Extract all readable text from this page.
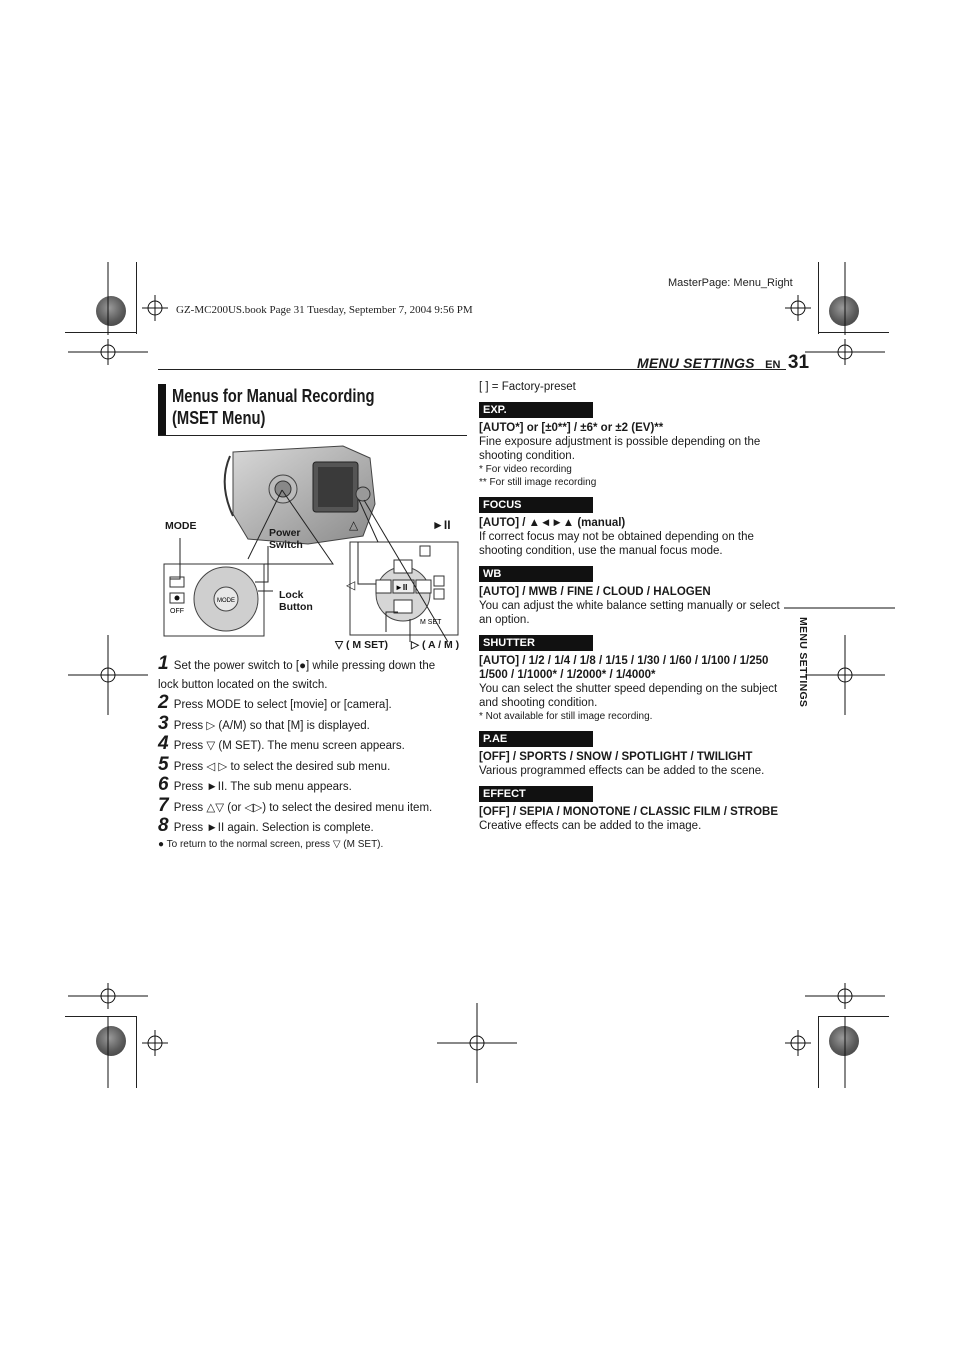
GZ-MC200US.book Page 31 Tuesday, September 7, 2004 9:56 PM
MasterPage: Menu_Right
MENU SETTINGS EN 31
Menus for Manual Recording
(MSET Menu)
OFF
MODE
►II
M SET
MODE
Power
Switch
Lock
Button
△	►II
◁
▽ ( M SET) ▷ ( A / M )
1 Set the power switch to [●] while pressing down the lock button located on the switch.
2 Press MODE to select [movie] or [camera].
3 Press ▷ (A/M) so that [M] is displayed.
4 Press ▽ (M SET). The menu screen appears.
5 Press ◁ ▷ to select the desired sub menu.
6 Press ►II. The sub menu appears.
7 Press △▽ (or ◁▷) to select the desired menu item.
8 Press ►II again. Selection is complete.
● To return to the normal screen, press ▽ (M SET).
[ ] = Factory-preset
EXP.
[AUTO*] or [±0**] / ±6* or ±2 (EV)**
Fine exposure adjustment is possible depending on the shooting condition.
* For video recording
** For still image recording
FOCUS
[AUTO] / ▲◄►▲ (manual)
If correct focus may not be obtained depending on the shooting condition, use the manual focus mode.
WB
[AUTO] / MWB / FINE / CLOUD / HALOGEN
You can adjust the white balance setting manually or select an option.
SHUTTER
[AUTO] / 1/2 / 1/4 / 1/8 / 1/15 / 1/30 / 1/60 / 1/100 / 1/250 1/500 / 1/1000* / 1/2000* / 1/4000*
You can select the shutter speed depending on the subject and shooting condition.
* Not available for still image recording.
P.AE
[OFF] / SPORTS / SNOW / SPOTLIGHT / TWILIGHT
Various programmed effects can be added to the scene.
EFFECT
[OFF] / SEPIA / MONOTONE / CLASSIC FILM / STROBE
Creative effects can be added to the image.
MENU SETTINGS
